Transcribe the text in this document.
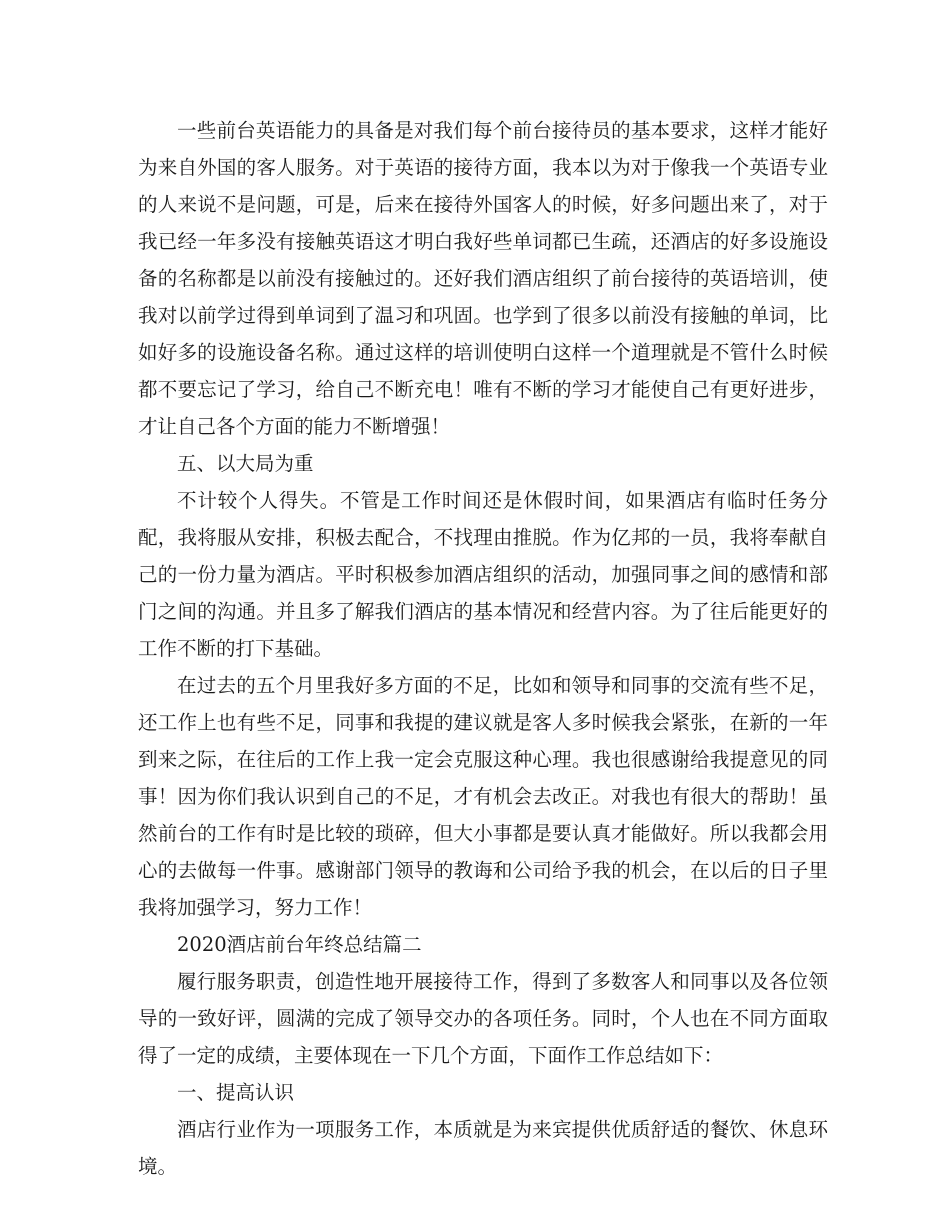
一些前台英语能力的具备是对我们每个前台接待员的基本要求，这样才能好为来自外国的客人服务。对于英语的接待方面，我本以为对于像我一个英语专业的人来说不是问题，可是，后来在接待外国客人的时候，好多问题出来了，对于我已经一年多没有接触英语这才明白我好些单词都已生疏，还酒店的好多设施设备的名称都是以前没有接触过的。还好我们酒店组织了前台接待的英语培训，使我对以前学过得到单词到了温习和巩固。也学到了很多以前没有接触的单词，比如好多的设施设备名称。通过这样的培训使明白这样一个道理就是不管什么时候都不要忘记了学习，给自己不断充电！唯有不断的学习才能使自己有更好进步，才让自己各个方面的能力不断增强！

五、以大局为重

不计较个人得失。不管是工作时间还是休假时间，如果酒店有临时任务分配，我将服从安排，积极去配合，不找理由推脱。作为亿邦的一员，我将奉献自己的一份力量为酒店。平时积极参加酒店组织的活动，加强同事之间的感情和部门之间的沟通。并且多了解我们酒店的基本情况和经营内容。为了往后能更好的工作不断的打下基础。

在过去的五个月里我好多方面的不足，比如和领导和同事的交流有些不足，还工作上也有些不足，同事和我提的建议就是客人多时候我会紧张，在新的一年到来之际，在往后的工作上我一定会克服这种心理。我也很感谢给我提意见的同事！因为你们我认识到自己的不足，才有机会去改正。对我也有很大的帮助！虽然前台的工作有时是比较的琐碎，但大小事都是要认真才能做好。所以我都会用心的去做每一件事。感谢部门领导的教诲和公司给予我的机会，在以后的日子里我将加强学习，努力工作！

2020酒店前台年终总结篇二

履行服务职责，创造性地开展接待工作，得到了多数客人和同事以及各位领导的一致好评，圆满的完成了领导交办的各项任务。同时，个人也在不同方面取得了一定的成绩，主要体现在一下几个方面，下面作工作总结如下：

一、提高认识

酒店行业作为一项服务工作，本质就是为来宾提供优质舒适的餐饮、休息环境。
